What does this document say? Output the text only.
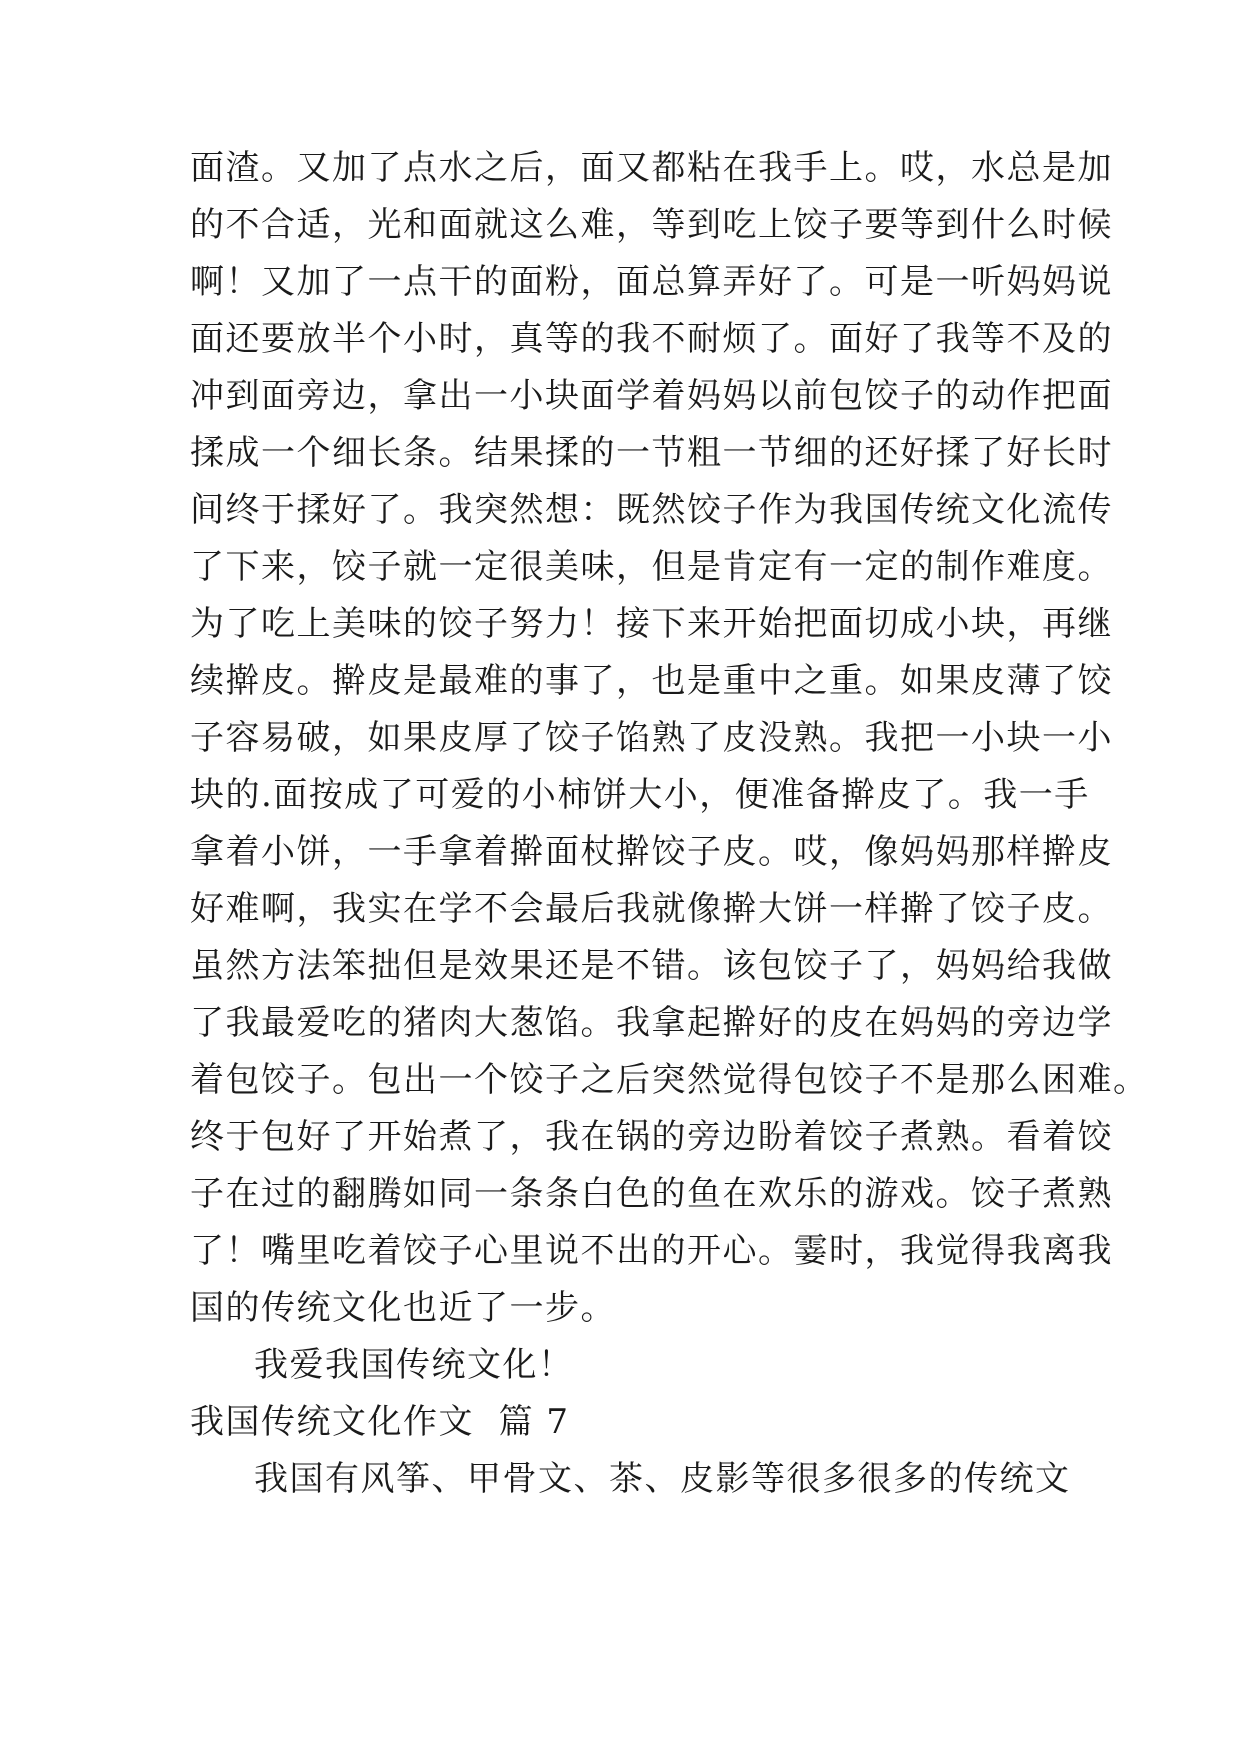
面渣。又加了点水之后，面又都粘在我手上。哎，水总是加
的不合适，光和面就这么难，等到吃上饺子要等到什么时候
啊！又加了一点干的面粉，面总算弄好了。可是一听妈妈说
面还要放半个小时，真等的我不耐烦了。面好了我等不及的
冲到面旁边，拿出一小块面学着妈妈以前包饺子的动作把面
揉成一个细长条。结果揉的一节粗一节细的还好揉了好长时
间终于揉好了。我突然想：既然饺子作为我国传统文化流传
了下来，饺子就一定很美味，但是肯定有一定的制作难度。
为了吃上美味的饺子努力！接下来开始把面切成小块，再继
续擀皮。擀皮是最难的事了，也是重中之重。如果皮薄了饺
子容易破，如果皮厚了饺子馅熟了皮没熟。我把一小块一小
块的.面按成了可爱的小柿饼大小，便准备擀皮了。我一手
拿着小饼，一手拿着擀面杖擀饺子皮。哎，像妈妈那样擀皮
好难啊，我实在学不会最后我就像擀大饼一样擀了饺子皮。
虽然方法笨拙但是效果还是不错。该包饺子了，妈妈给我做
了我最爱吃的猪肉大葱馅。我拿起擀好的皮在妈妈的旁边学
着包饺子。包出一个饺子之后突然觉得包饺子不是那么困难。
终于包好了开始煮了，我在锅的旁边盼着饺子煮熟。看着饺
子在过的翻腾如同一条条白色的鱼在欢乐的游戏。饺子煮熟
了！嘴里吃着饺子心里说不出的开心。霎时，我觉得我离我
国的传统文化也近了一步。
我爱我国传统文化！
我国传统文化作文  篇 7
我国有风筝、甲骨文、茶、皮影等很多很多的传统文
